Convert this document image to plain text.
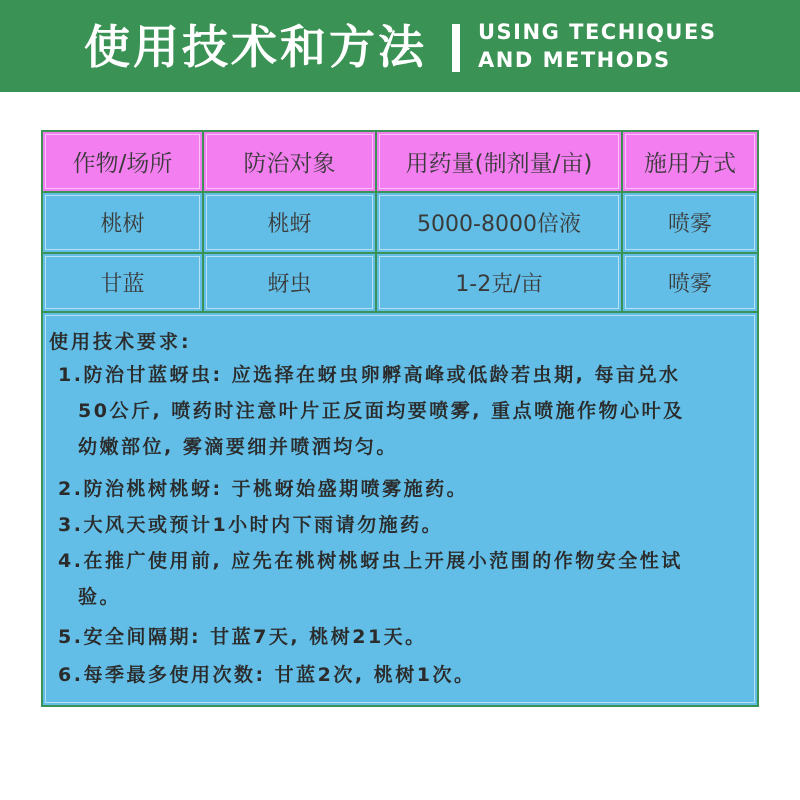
使用技术和方法 USING TECHIQUES
AND METHODS
作物/场所	防治对象	用药量(制剂量/亩) 施用方式
桃树	桃蚜	5000-8000倍液	喷雾
甘蓝	蚜虫	1-2克/亩	喷雾
使用技术要求:
1.防治甘蓝蚜虫: 应选择在蚜虫卵孵高峰或低龄若虫期, 每亩兑水
50公斤, 喷药时注意叶片正反面均要喷雾, 重点喷施作物心叶及
幼嫩部位, 雾滴要细并喷洒均匀。
2.防治桃树桃蚜: 于桃蚜始盛期喷雾施药。
3.大风天或预计1小时内下雨请勿施药。
4.在推广使用前, 应先在桃树桃蚜虫上开展小范围的作物安全性试
验。
5.安全间隔期: 甘蓝7天, 桃树21天。
6.每季最多使用次数: 甘蓝2次, 桃树1次。
